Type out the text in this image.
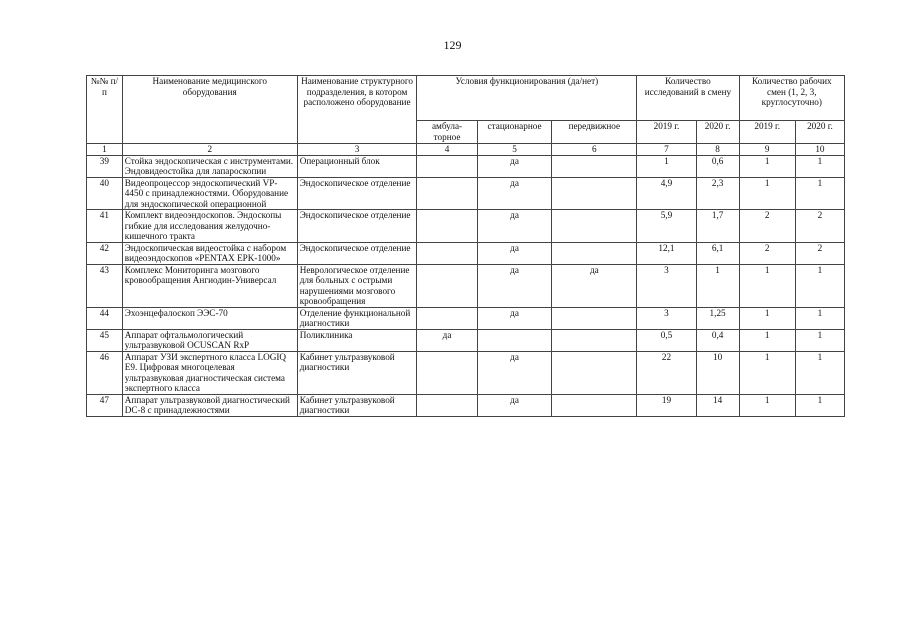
129
№№ п/п	Наименование медицинского оборудования	Наименование структурного подразделения, в котором расположено оборудование	Условия функционирования (да/нет)			Количество исследований в смену		Количество рабочих смен (1, 2, 3, круглосуточно)	
			амбула-торное	стационарное	передвижное	2019 г.	2020 г.	2019 г.	2020 г.
1	2	3	4	5	6	7	8	9	10
39	Стойка эндоскопическая с инструментами. Эндовидеостойка для лапароскопии	Операционный блок		да		1	0,6	1	1
40	Видеопроцессор эндоскопический VP-4450 с принадлежностями. Оборудование для эндоскопической операционной	Эндоскопическое отделение		да		4,9	2,3	1	1
41	Комплект видеоэндоскопов. Эндоскопы гибкие для исследования желудочно-кишечного тракта	Эндоскопическое отделение		да		5,9	1,7	2	2
42	Эндоскопическая видеостойка с набором видеоэндоскопов «PENTAX EPK-1000»	Эндоскопическое отделение		да		12,1	6,1	2	2
43	Комплекс Мониторинга мозгового кровообращения Ангиодин-Универсал	Неврологическое отделение для больных с острыми нарушениями мозгового кровообращения		да	да	3	1	1	1
44	Эхоэнцефалоскоп ЭЭС-70	Отделение функциональной диагностики		да		3	1,25	1	1
45	Аппарат офтальмологический ультразвуковой OCUSCAN RxP	Поликлиника	да			0,5	0,4	1	1
46	Аппарат УЗИ экспертного класса LOGIQ E9. Цифровая многоцелевая ультразвуковая диагностическая система экспертного класса	Кабинет ультразвуковой диагностики		да		22	10	1	1
47	Аппарат ультразвуковой диагностический DC-8 с принадлежностями	Кабинет ультразвуковой диагностики		да		19	14	1	1
